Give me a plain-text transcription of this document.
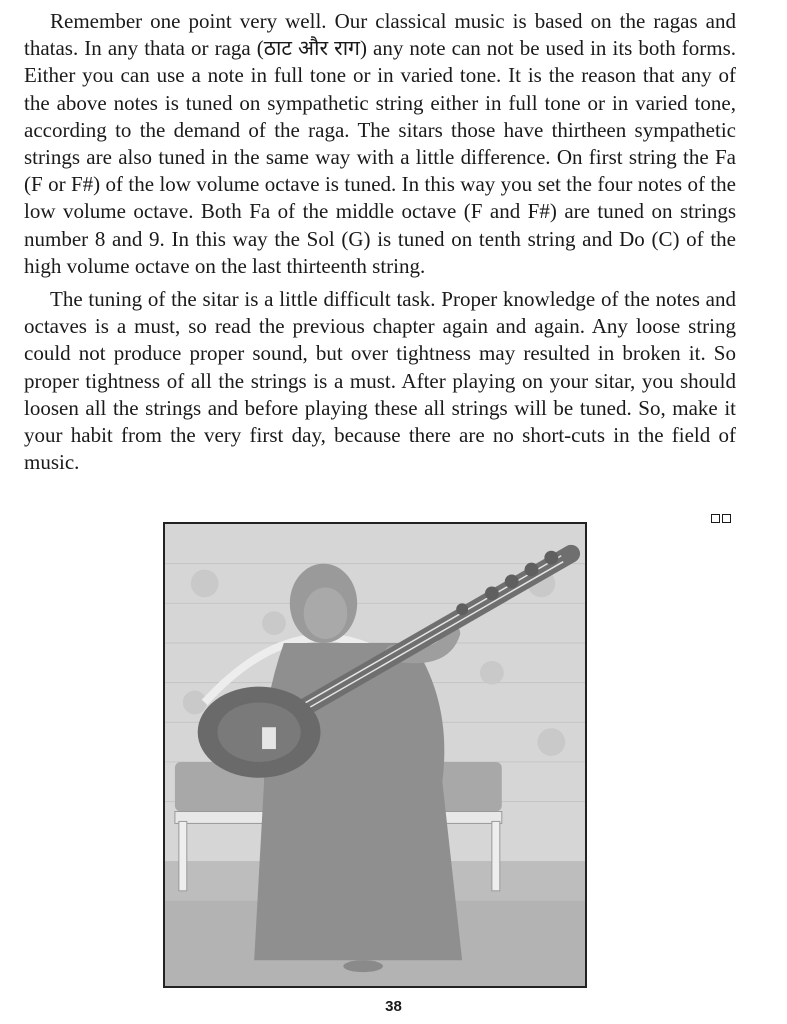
Remember one point very well. Our classical music is based on the ragas and thatas. In any thata or raga (ठाट और राग) any note can not be used in its both forms. Either you can use a note in full tone or in varied tone. It is the reason that any of the above notes is tuned on sympathetic string either in full tone or in varied tone, according to the demand of the raga. The sitars those have thirtheen sympathetic strings are also tuned in the same way with a little difference. On first string the Fa (F or F#) of the low volume octave is tuned. In this way you set the four notes of the low volume octave. Both Fa of the middle octave (F and F#) are tuned on strings number 8 and 9. In this way the Sol (G) is tuned on tenth string and Do (C) of the high volume octave on the last thirteenth string.

The tuning of the sitar is a little difficult task. Proper knowledge of the notes and octaves is a must, so read the previous chapter again and again. Any loose string could not produce proper sound, but over tightness may resulted in broken it. So proper tightness of all the strings is a must. After playing on your sitar, you should loosen all the strings and before playing these all strings will be tuned. So, make it your habit from the very first day, because there are no short-cuts in the field of music.

38
